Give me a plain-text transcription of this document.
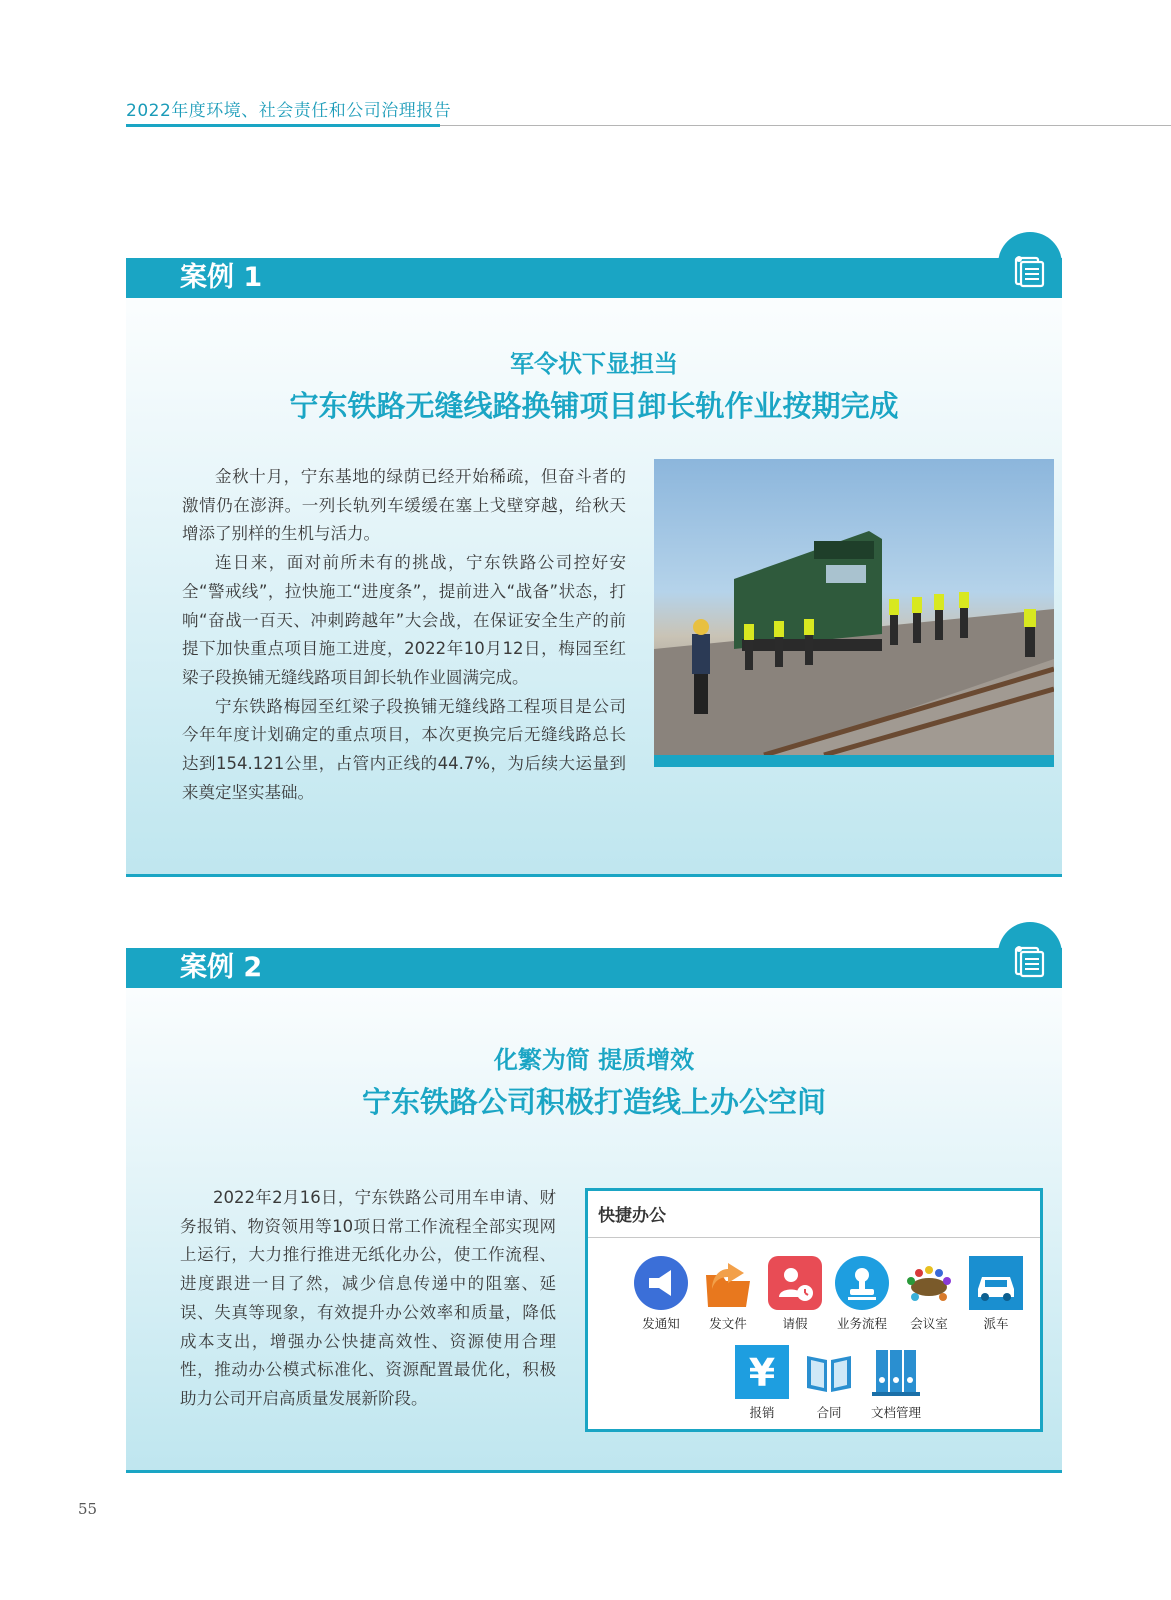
2022年度环境、社会责任和公司治理报告
案例 1
军令状下显担当
宁东铁路无缝线路换铺项目卸长轨作业按期完成

金秋十月，宁东基地的绿荫已经开始稀疏，但奋斗者的激情仍在澎湃。一列长轨列车缓缓在塞上戈壁穿越，给秋天增添了别样的生机与活力。

连日来，面对前所未有的挑战，宁东铁路公司控好安全“警戒线”，拉快施工“进度条”，提前进入“战备”状态，打响“奋战一百天、冲刺跨越年”大会战，在保证安全生产的前提下加快重点项目施工进度，2022年10月12日，梅园至红梁子段换铺无缝线路项目卸长轨作业圆满完成。

宁东铁路梅园至红梁子段换铺无缝线路工程项目是公司今年年度计划确定的重点项目，本次更换完后无缝线路总长达到154.121公里，占管内正线的44.7%，为后续大运量到来奠定坚实基础。

案例 2
化繁为简 提质增效
宁东铁路公司积极打造线上办公空间

2022年2月16日，宁东铁路公司用车申请、财务报销、物资领用等10项日常工作流程全部实现网上运行，大力推行推进无纸化办公，使工作流程、进度跟进一目了然，减少信息传递中的阻塞、延误、失真等现象，有效提升办公效率和质量，降低成本支出，增强办公快捷高效性、资源使用合理性，推动办公模式标准化、资源配置最优化，积极助力公司开启高质量发展新阶段。

快捷办公
发通知	发文件	请假	业务流程	会议室	派车
¥
报销	合同	文档管理
55
